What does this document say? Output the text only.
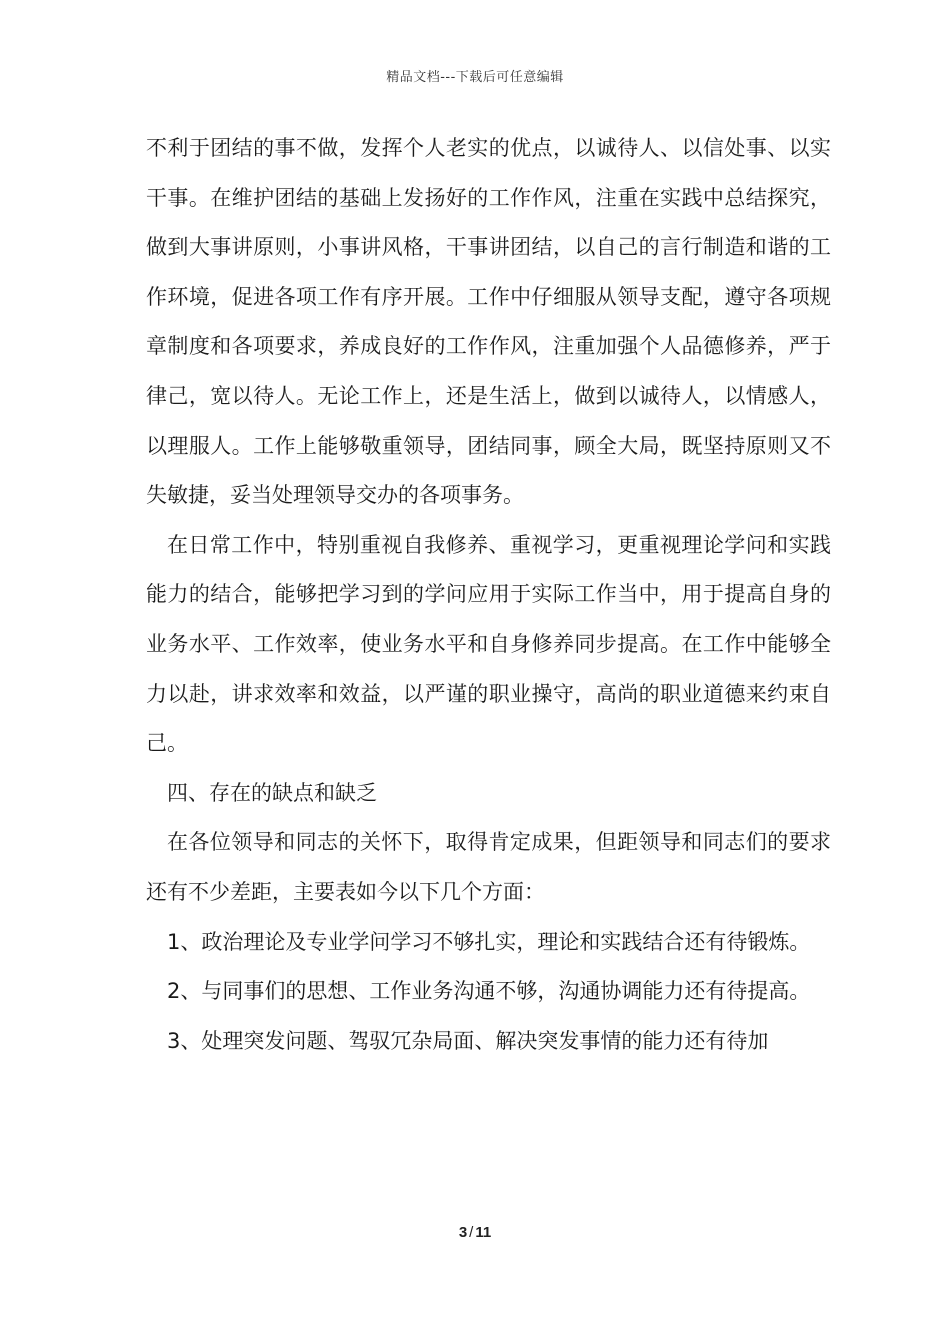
精品文档---下载后可任意编辑

不利于团结的事不做，发挥个人老实的优点，以诚待人、以信处事、以实干事。在维护团结的基础上发扬好的工作作风，注重在实践中总结探究，做到大事讲原则，小事讲风格，干事讲团结，以自己的言行制造和谐的工作环境，促进各项工作有序开展。工作中仔细服从领导支配，遵守各项规章制度和各项要求，养成良好的工作作风，注重加强个人品德修养，严于律己，宽以待人。无论工作上，还是生活上，做到以诚待人，以情感人，以理服人。工作上能够敬重领导，团结同事，顾全大局，既坚持原则又不失敏捷，妥当处理领导交办的各项事务。

在日常工作中，特别重视自我修养、重视学习，更重视理论学问和实践能力的结合，能够把学习到的学问应用于实际工作当中，用于提高自身的业务水平、工作效率，使业务水平和自身修养同步提高。在工作中能够全力以赴，讲求效率和效益，以严谨的职业操守，高尚的职业道德来约束自己。

四、存在的缺点和缺乏

在各位领导和同志的关怀下，取得肯定成果，但距领导和同志们的要求还有不少差距，主要表如今以下几个方面：

1、政治理论及专业学问学习不够扎实，理论和实践结合还有待锻炼。

2、与同事们的思想、工作业务沟通不够，沟通协调能力还有待提高。

3、处理突发问题、驾驭冗杂局面、解决突发事情的能力还有待加

3 / 11
